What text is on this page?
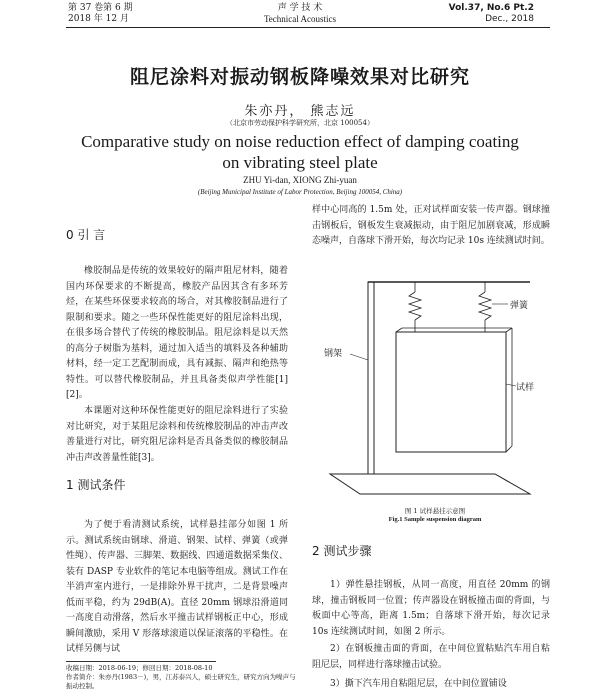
第 37 卷第 6 期
2018 年 12 月
声 学 技 术
Technical Acoustics
Vol.37, No.6 Pt.2
Dec., 2018
阻尼涂料对振动钢板降噪效果对比研究
朱亦丹， 熊志远
（北京市劳动保护科学研究所，北京 100054）
Comparative study on noise reduction effect of damping coating
on vibrating steel plate
ZHU Yi-dan, XIONG Zhi-yuan
(Beijing Municipal Institute of Labor Protection, Beijing 100054, China)
0 引 言
橡胶制品是传统的效果较好的隔声阻尼材料，随着国内环保要求的不断提高，橡胶产品因其含有多环芳烃，在某些环保要求较高的场合，对其橡胶制品进行了限制和要求。随之一些环保性能更好的阻尼涂料出现，在很多场合替代了传统的橡胶制品。阻尼涂料是以天然的高分子树脂为基料，通过加入适当的填料及各种辅助材料，经一定工艺配制而成，具有减振、隔声和绝热等特性。可以替代橡胶制品，并且具备类似声学性能[1][2]。
本课题对这种环保性能更好的阻尼涂料进行了实验对比研究，对于某阻尼涂料和传统橡胶制品的冲击声改善量进行对比，研究阻尼涂料是否具备类似的橡胶制品冲击声改善量性能[3]。
1 测试条件
为了便于看清测试系统，试样悬挂部分如图 1 所示。测试系统由钢球、滑道、钢架、试样、弹簧（或弹性绳）、传声器、三脚架、数据线、四通道数据采集仪、装有 DASP 专业软件的笔记本电脑等组成。测试工作在半消声室内进行，一是排除外界干扰声，二是背景噪声低而平稳，约为 29dB(A)。直径 20mm 钢球沿滑道同一高度自动滑落，然后水平撞击试样钢板正中心，形成瞬间激励，采用 V 形落球滚道以保证滚落的平稳性。在试样另侧与试
收稿日期：2018-06-19；修回日期：2018-08-10
作者简介：朱亦丹(1983－)，男，江苏泰兴人，硕士研究生，研究方向为噪声与振动控制。
样中心同高的 1.5m 处，正对试样面安装一传声器。钢球撞击钢板后，钢板发生衰减振动，由于阻尼加剧衰减，形成瞬态噪声，自落球下滑开始，每次均记录 10s 连续测试时间。
弹簧
钢架
试样
图 1 试样悬挂示意图
Fig.1 Sample suspension diagram
2 测试步骤
1）弹性悬挂钢板，从同一高度，用直径 20mm 的钢球，撞击钢板同一位置；传声器设在钢板撞击面的背面，与板面中心等高，距离 1.5m；自落球下滑开始，每次记录 10s 连续测试时间，如图 2 所示。
2）在钢板撞击面的背面，在中间位置粘贴汽车用自粘阻尼层，同样进行落球撞击试验。
3）撕下汽车用自粘阻尼层，在中间位置铺设
